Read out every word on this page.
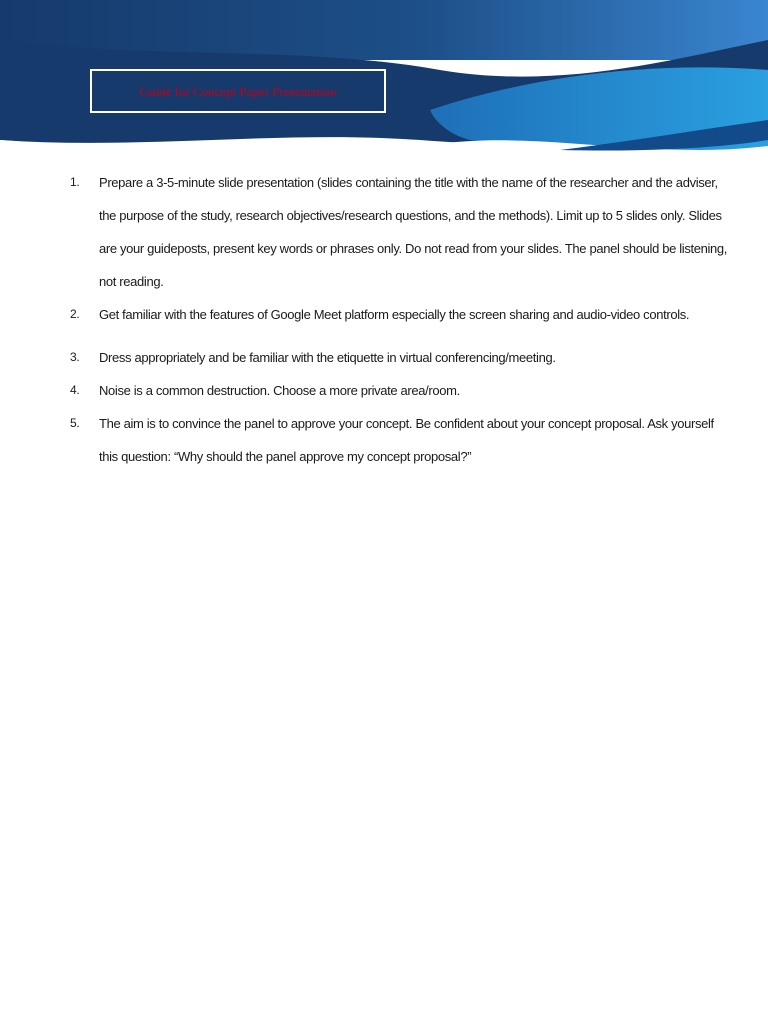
Guide for Concept Paper Presentation
1. Prepare a 3-5-minute slide presentation (slides containing the title with the name of the researcher and the adviser, the purpose of the study, research objectives/research questions, and the methods). Limit up to 5 slides only. Slides are your guideposts, present key words or phrases only. Do not read from your slides. The panel should be listening, not reading.
2. Get familiar with the features of Google Meet platform especially the screen sharing and audio-video controls.
3. Dress appropriately and be familiar with the etiquette in virtual conferencing/meeting.
4. Noise is a common destruction. Choose a more private area/room.
5. The aim is to convince the panel to approve your concept. Be confident about your concept proposal. Ask yourself this question: “Why should the panel approve my concept proposal?”
